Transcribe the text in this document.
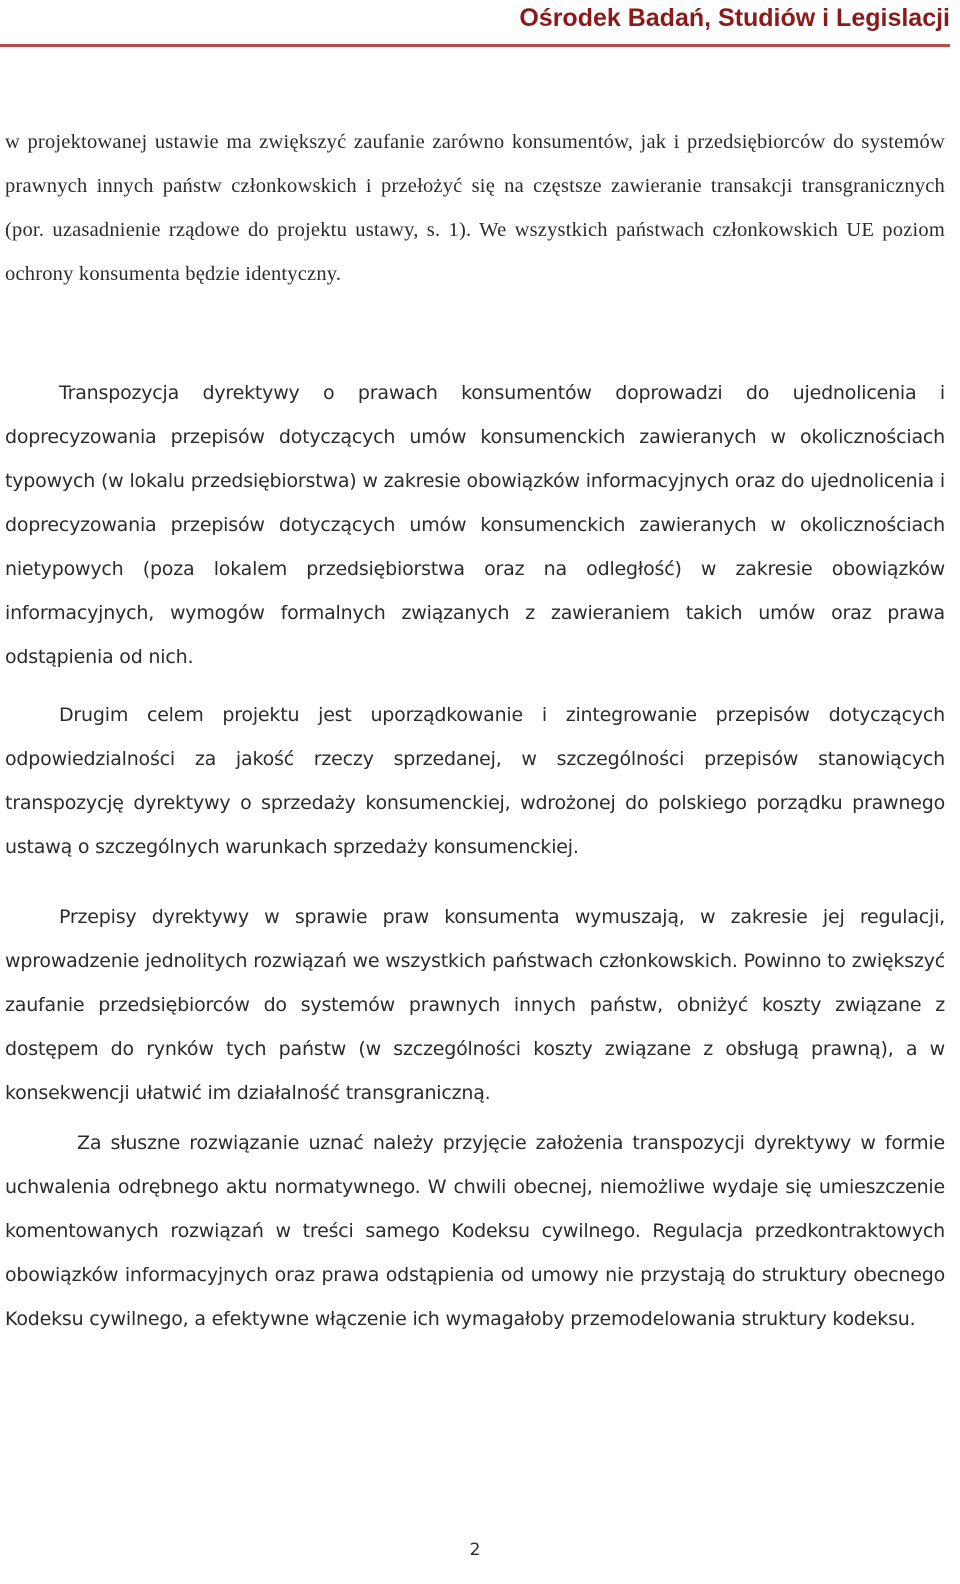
Ośrodek Badań, Studiów i Legislacji

w projektowanej ustawie ma zwiększyć zaufanie zarówno konsumentów, jak i przedsiębiorców do systemów prawnych innych państw członkowskich i przełożyć się na częstsze zawieranie transakcji transgranicznych (por. uzasadnienie rządowe do projektu ustawy, s. 1). We wszystkich państwach członkowskich UE poziom ochrony konsumenta będzie identyczny.

Transpozycja dyrektywy o prawach konsumentów doprowadzi do ujednolicenia i doprecyzowania przepisów dotyczących umów konsumenckich zawieranych w okolicznościach typowych (w lokalu przedsiębiorstwa) w zakresie obowiązków informacyjnych oraz do ujednolicenia i doprecyzowania przepisów dotyczących umów konsumenckich zawieranych w okolicznościach nietypowych (poza lokalem przedsiębiorstwa oraz na odległość) w zakresie obowiązków informacyjnych, wymogów formalnych związanych z zawieraniem takich umów oraz prawa odstąpienia od nich.

Drugim celem projektu jest uporządkowanie i zintegrowanie przepisów dotyczących odpowiedzialności za jakość rzeczy sprzedanej, w szczególności przepisów stanowiących transpozycję dyrektywy o sprzedaży konsumenckiej, wdrożonej do polskiego porządku prawnego ustawą o szczególnych warunkach sprzedaży konsumenckiej.

Przepisy dyrektywy w sprawie praw konsumenta wymuszają, w zakresie jej regulacji, wprowadzenie jednolitych rozwiązań we wszystkich państwach członkowskich. Powinno to zwiększyć zaufanie przedsiębiorców do systemów prawnych innych państw, obniżyć koszty związane z dostępem do rynków tych państw (w szczególności koszty związane z obsługą prawną), a w konsekwencji ułatwić im działalność transgraniczną.

Za słuszne rozwiązanie uznać należy przyjęcie założenia transpozycji dyrektywy w formie uchwalenia odrębnego aktu normatywnego. W chwili obecnej, niemożliwe wydaje się umieszczenie komentowanych rozwiązań w treści samego Kodeksu cywilnego. Regulacja przedkontraktowych obowiązków informacyjnych oraz prawa odstąpienia od umowy nie przystają do struktury obecnego Kodeksu cywilnego, a efektywne włączenie ich wymagałoby przemodelowania struktury kodeksu.

2
